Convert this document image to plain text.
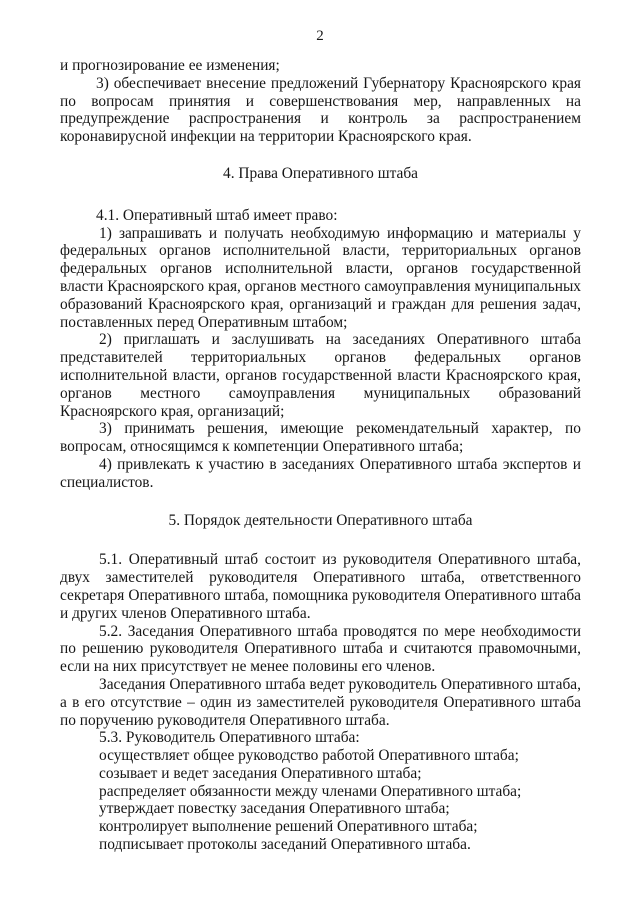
2

и прогнозирование ее изменения;

3) обеспечивает внесение предложений Губернатору Красноярского края по вопросам принятия и совершенствования мер, направленных на предупреждение распространения и контроль за распространением коронавирусной инфекции на территории Красноярского края.

4. Права Оперативного штаба

4.1. Оперативный штаб имеет право:

1) запрашивать и получать необходимую информацию и материалы у федеральных органов исполнительной власти, территориальных органов федеральных органов исполнительной власти, органов государственной власти Красноярского края, органов местного самоуправления муниципальных образований Красноярского края, организаций и граждан для решения задач, поставленных перед Оперативным штабом;

2) приглашать и заслушивать на заседаниях Оперативного штаба представителей территориальных органов федеральных органов исполнительной власти, органов государственной власти Красноярского края, органов местного самоуправления муниципальных образований Красноярского края, организаций;

3) принимать решения, имеющие рекомендательный характер, по вопросам, относящимся к компетенции Оперативного штаба;

4) привлекать к участию в заседаниях Оперативного штаба экспертов и специалистов.

5. Порядок деятельности Оперативного штаба

5.1. Оперативный штаб состоит из руководителя Оперативного штаба, двух заместителей руководителя Оперативного штаба, ответственного секретаря Оперативного штаба, помощника руководителя Оперативного штаба и других членов Оперативного штаба.

5.2. Заседания Оперативного штаба проводятся по мере необходимости по решению руководителя Оперативного штаба и считаются правомочными, если на них присутствует не менее половины его членов.

Заседания Оперативного штаба ведет руководитель Оперативного штаба, а в его отсутствие – один из заместителей руководителя Оперативного штаба по поручению руководителя Оперативного штаба.

5.3. Руководитель Оперативного штаба:

осуществляет общее руководство работой Оперативного штаба;

созывает и ведет заседания Оперативного штаба;

распределяет обязанности между членами Оперативного штаба;

утверждает повестку заседания Оперативного штаба;

контролирует выполнение решений Оперативного штаба;

подписывает протоколы заседаний Оперативного штаба.
